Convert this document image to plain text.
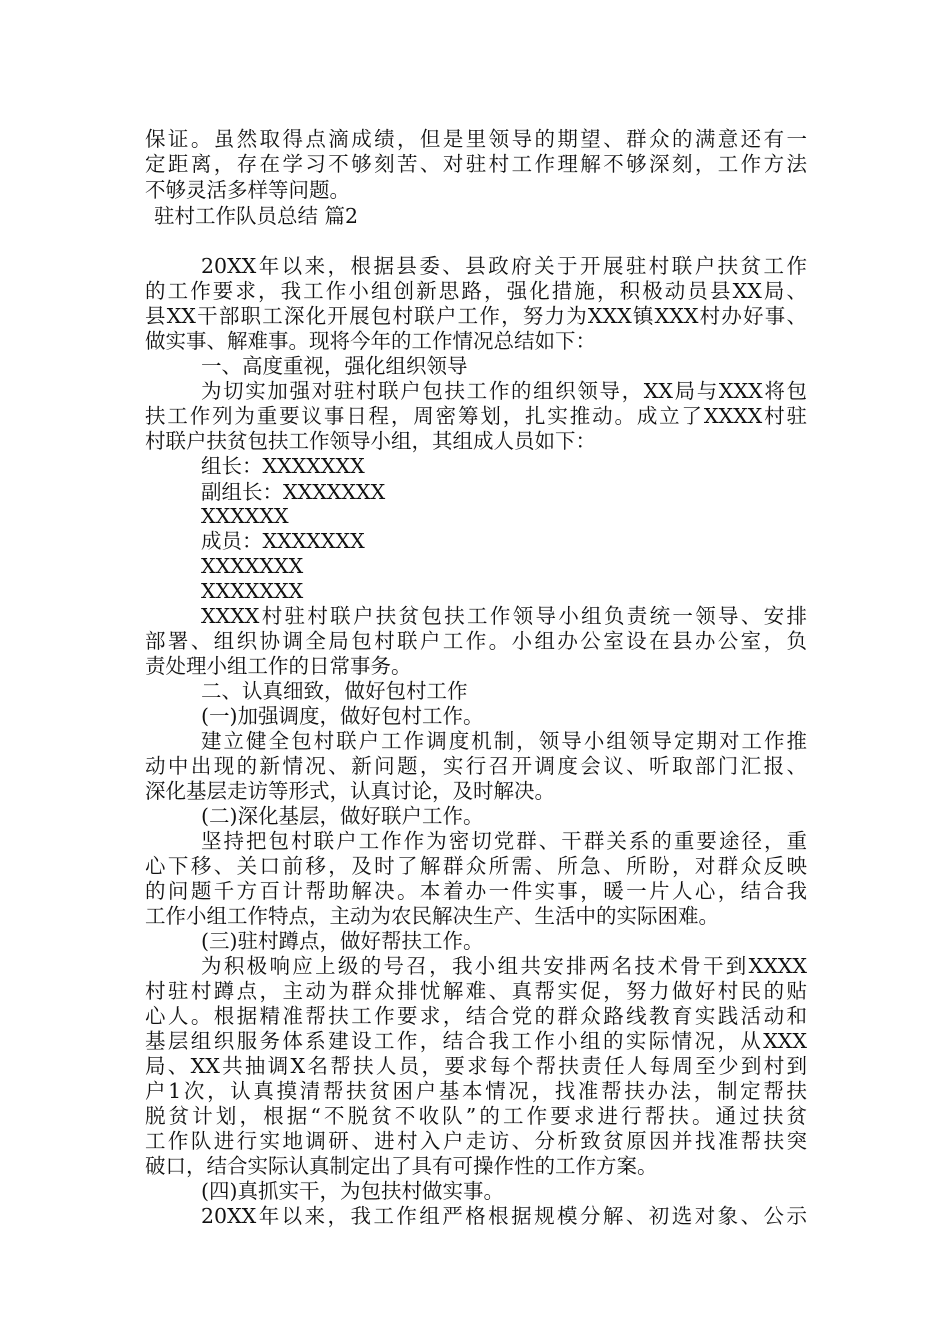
保证。虽然取得点滴成绩，但是里领导的期望、群众的满意还有一
定距离，存在学习不够刻苦、对驻村工作理解不够深刻，工作方法
不够灵活多样等问题。
驻村工作队员总结 篇2
20XX年以来，根据县委、县政府关于开展驻村联户扶贫工作
的工作要求，我工作小组创新思路，强化措施，积极动员县XX局、
县XX干部职工深化开展包村联户工作，努力为XXX镇XXX村办好事、
做实事、解难事。现将今年的工作情况总结如下：
一、高度重视，强化组织领导
为切实加强对驻村联户包扶工作的组织领导，XX局与XXX将包
扶工作列为重要议事日程，周密筹划，扎实推动。成立了XXXX村驻
村联户扶贫包扶工作领导小组，其组成人员如下：
组长：XXXXXXX
副组长：XXXXXXX
XXXXXX
成员：XXXXXXX
XXXXXXX
XXXXXXX
XXXX村驻村联户扶贫包扶工作领导小组负责统一领导、安排
部署、组织协调全局包村联户工作。小组办公室设在县办公室，负
责处理小组工作的日常事务。
二、认真细致，做好包村工作
(一)加强调度，做好包村工作。
建立健全包村联户工作调度机制，领导小组领导定期对工作推
动中出现的新情况、新问题，实行召开调度会议、听取部门汇报、
深化基层走访等形式，认真讨论，及时解决。
(二)深化基层，做好联户工作。
坚持把包村联户工作作为密切党群、干群关系的重要途径，重
心下移、关口前移，及时了解群众所需、所急、所盼，对群众反映
的问题千方百计帮助解决。本着办一件实事，暖一片人心，结合我
工作小组工作特点，主动为农民解决生产、生活中的实际困难。
(三)驻村蹲点，做好帮扶工作。
为积极响应上级的号召，我小组共安排两名技术骨干到XXXX
村驻村蹲点，主动为群众排忧解难、真帮实促，努力做好村民的贴
心人。根据精准帮扶工作要求，结合党的群众路线教育实践活动和
基层组织服务体系建设工作，结合我工作小组的实际情况，从XXX
局、XX共抽调X名帮扶人员，要求每个帮扶责任人每周至少到村到
户1次，认真摸清帮扶贫困户基本情况，找准帮扶办法，制定帮扶
脱贫计划，根据“不脱贫不收队”的工作要求进行帮扶。通过扶贫
工作队进行实地调研、进村入户走访、分析致贫原因并找准帮扶突
破口，结合实际认真制定出了具有可操作性的工作方案。
(四)真抓实干，为包扶村做实事。
20XX年以来，我工作组严格根据规模分解、初选对象、公示
